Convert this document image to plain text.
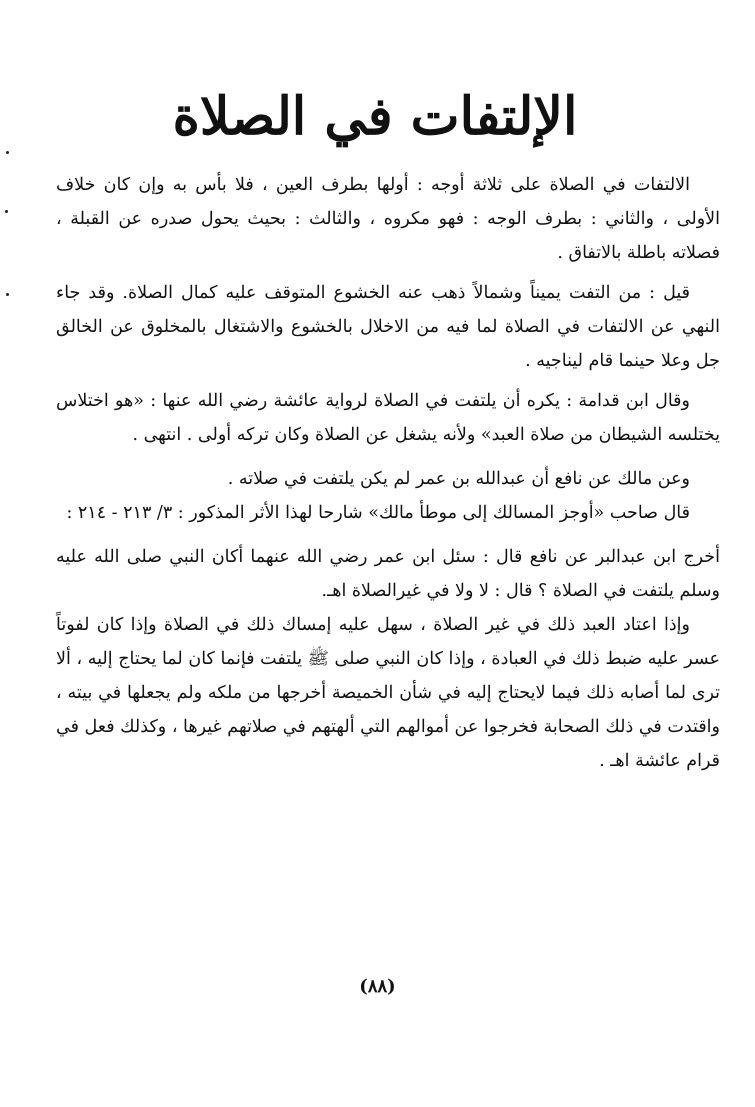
الإلتفات في الصلاة

الالتفات في الصلاة على ثلاثة أوجه : أولها بطرف العين ، فلا بأس به وإن كان خلاف الأولى ، والثاني : بطرف الوجه : فهو مكروه ، والثالث : بحيث يحول صدره عن القبلة ، فصلاته باطلة بالاتفاق .

قيل : من التفت يميناً وشمالاً ذهب عنه الخشوع المتوقف عليه كمال الصلاة. وقد جاء النهي عن الالتفات في الصلاة لما فيه من الاخلال بالخشوع والاشتغال بالمخلوق عن الخالق جل وعلا حينما قام ليناجيه .

وقال ابن قدامة : يكره أن يلتفت في الصلاة لرواية عائشة رضي الله عنها : «هو اختلاس يختلسه الشيطان من صلاة العبد» ولأنه يشغل عن الصلاة وكان تركه أولى . انتهى .

وعن مالك عن نافع أن عبدالله بن عمر لم يكن يلتفت في صلاته .

قال صاحب «أوجز المسالك إلى موطأ مالك» شارحا لهذا الأثر المذكور : ٣/ ٢١٣ - ٢١٤ :

أخرج ابن عبدالبر عن نافع قال : سئل ابن عمر رضي الله عنهما أكان النبي صلى الله عليه وسلم يلتفت في الصلاة ؟ قال : لا ولا في غيرالصلاة اهـ.

وإذا اعتاد العبد ذلك في غير الصلاة ، سهل عليه إمساك ذلك في الصلاة وإذا كان لفوتاً عسر عليه ضبط ذلك في العبادة ، وإذا كان النبي صلى ﷺ يلتفت فإنما كان لما يحتاج إليه ، ألا ترى لما أصابه ذلك فيما لايحتاج إليه في شأن الخميصة أخرجها من ملكه ولم يجعلها في بيته ، واقتدت في ذلك الصحابة فخرجوا عن أموالهم التي ألهتهم في صلاتهم غيرها ، وكذلك فعل في قرام عائشة اهـ .

(٨٨)
